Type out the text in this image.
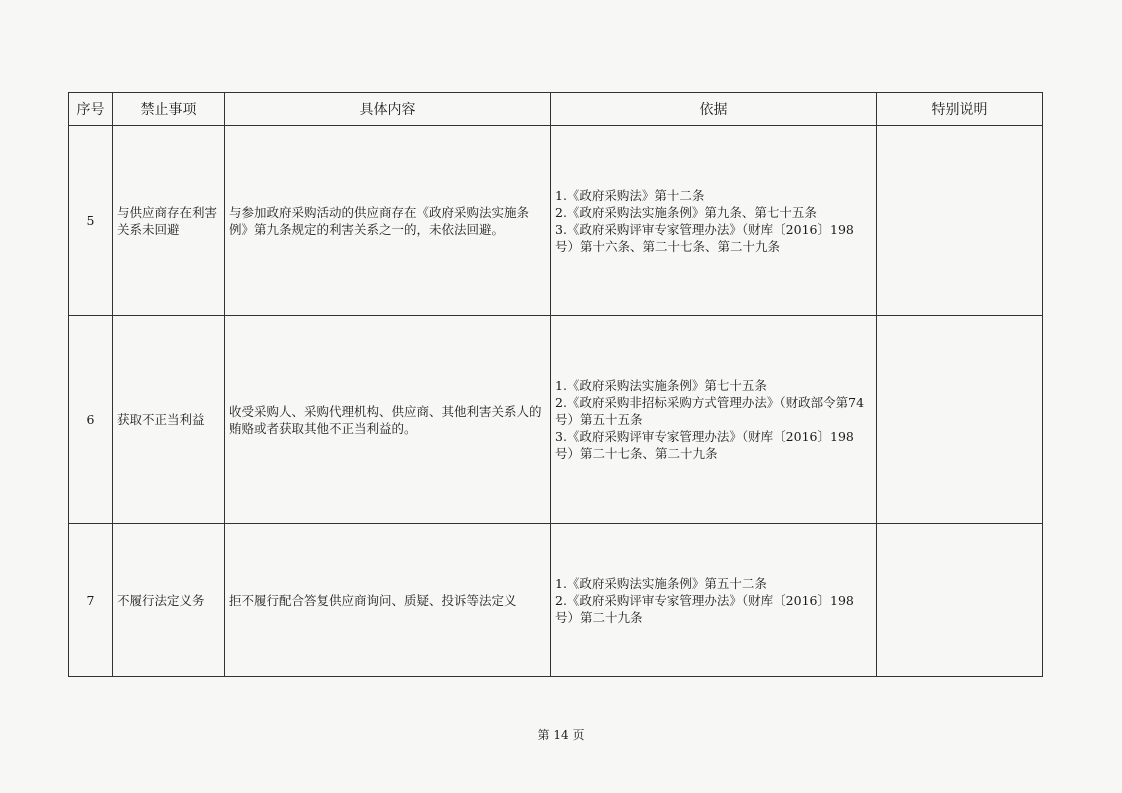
序号	禁止事项	具体内容	依据	特别说明
5	与供应商存在利害关系未回避	与参加政府采购活动的供应商存在《政府采购法实施条例》第九条规定的利害关系之一的，未依法回避。	1.《政府采购法》第十二条
2.《政府采购法实施条例》第九条、第七十五条
3.《政府采购评审专家管理办法》（财库〔2016〕198号）第十六条、第二十七条、第二十九条	

6	获取不正当利益	收受采购人、采购代理机构、供应商、其他利害关系人的贿赂或者获取其他不正当利益的。	1.《政府采购法实施条例》第七十五条
2.《政府采购非招标采购方式管理办法》（财政部令第74号）第五十五条
3.《政府采购评审专家管理办法》（财库〔2016〕198号）第二十七条、第二十九条	

7	不履行法定义务	拒不履行配合答复供应商询问、质疑、投诉等法定义	1.《政府采购法实施条例》第五十二条
2.《政府采购评审专家管理办法》（财库〔2016〕198号）第二十九条	

第 14 页
